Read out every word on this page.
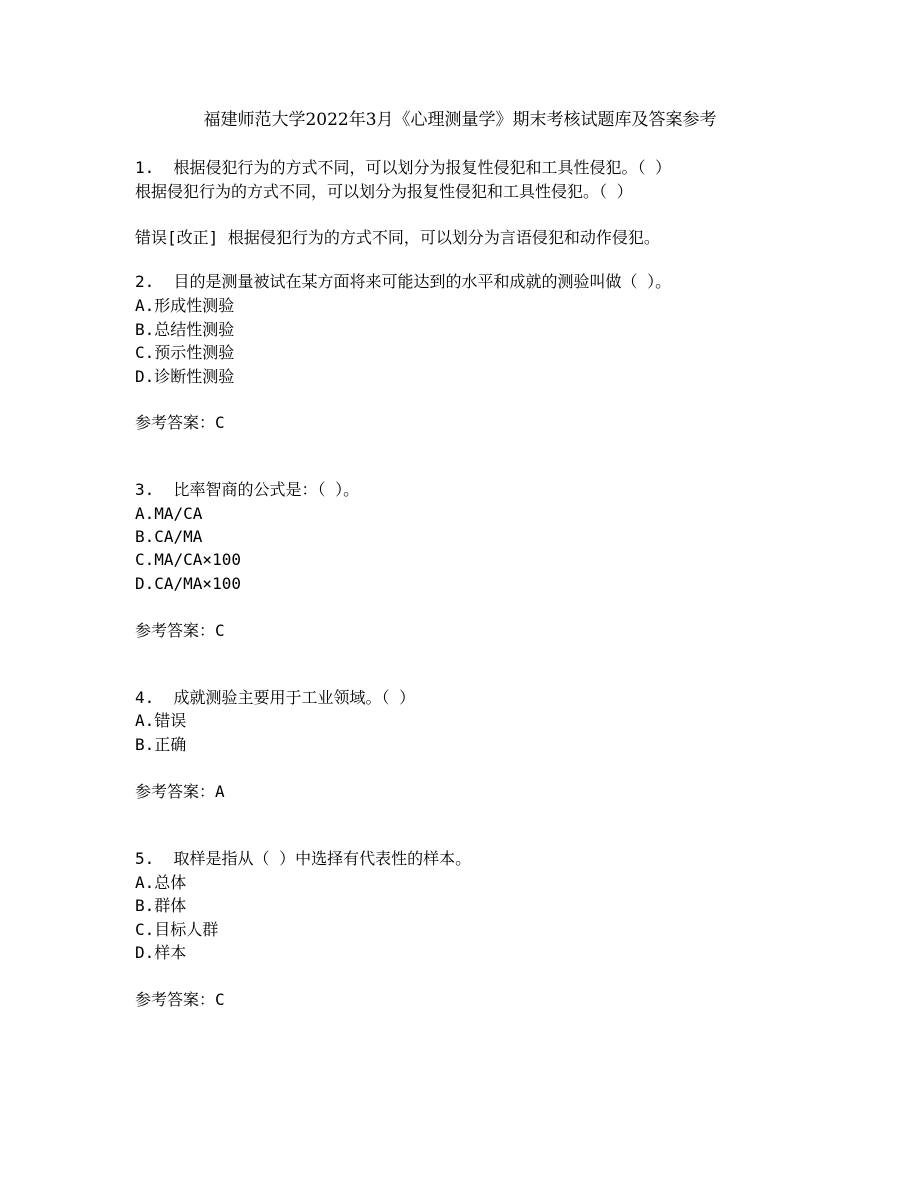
福建师范大学2022年3月《心理测量学》期末考核试题库及答案参考
1. 根据侵犯行为的方式不同，可以划分为报复性侵犯和工具性侵犯。（ ）
根据侵犯行为的方式不同，可以划分为报复性侵犯和工具性侵犯。（ ）
错误[改正] 根据侵犯行为的方式不同，可以划分为言语侵犯和动作侵犯。
2. 目的是测量被试在某方面将来可能达到的水平和成就的测验叫做（ ）。
A.形成性测验
B.总结性测验
C.预示性测验
D.诊断性测验
参考答案：C
3. 比率智商的公式是：（ ）。
A.MA/CA
B.CA/MA
C.MA/CA×100
D.CA/MA×100
参考答案：C
4. 成就测验主要用于工业领域。（ ）
A.错误
B.正确
参考答案：A
5. 取样是指从（ ）中选择有代表性的样本。
A.总体
B.群体
C.目标人群
D.样本
参考答案：C
